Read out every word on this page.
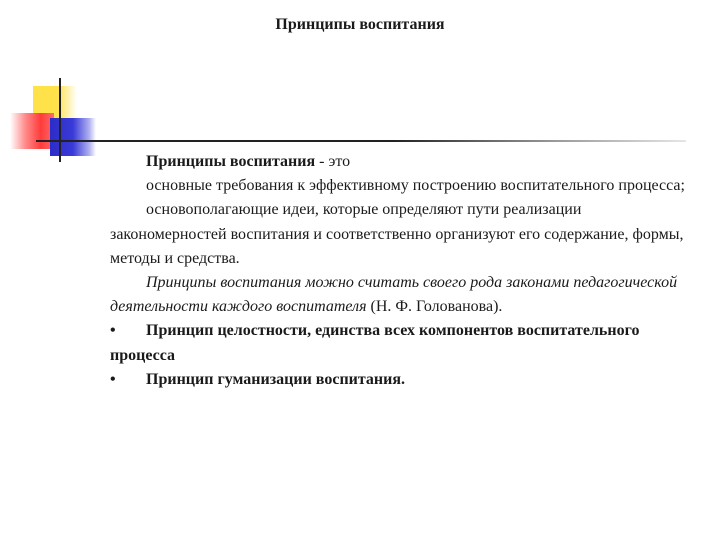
Принципы воспитания

Принципы воспитания - это

основные требования к эффективному построению воспитательного процесса;

основополагающие идеи, которые определяют пути реализации закономерностей воспитания и соответственно организуют его содержание, формы, методы и средства.

Принципы воспитания можно считать своего рода законами педагогической деятельности каждого воспитателя (Н. Ф. Голованова).

• Принцип целостности, единства всех компонентов воспитательного процесса

• Принцип гуманизации воспитания.
